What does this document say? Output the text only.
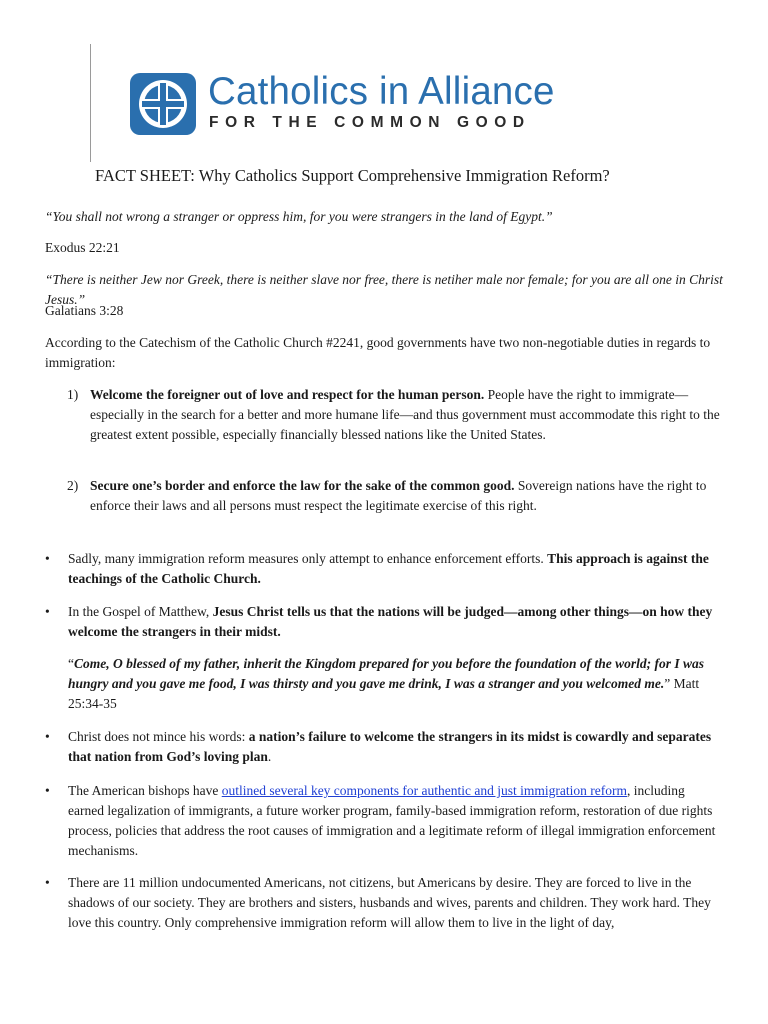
Catholics in Alliance
FOR THE COMMON GOOD
FACT SHEET: Why Catholics Support Comprehensive Immigration Reform?
“You shall not wrong a stranger or oppress him, for you were strangers in the land of Egypt.”
Exodus 22:21
“There is neither Jew nor Greek, there is neither slave nor free, there is netiher male nor female; for you are all one in Christ Jesus.”
Galatians 3:28
According to the Catechism of the Catholic Church #2241, good governments have two non-negotiable duties in regards to immigration:
1) Welcome the foreigner out of love and respect for the human person. People have the right to immigrate—especially in the search for a better and more humane life—and thus government must accommodate this right to the greatest extent possible, especially financially blessed nations like the United States.
2) Secure one’s border and enforce the law for the sake of the common good. Sovereign nations have the right to enforce their laws and all persons must respect the legitimate exercise of this right.
• Sadly, many immigration reform measures only attempt to enhance enforcement efforts. This approach is against the teachings of the Catholic Church.
• In the Gospel of Matthew, Jesus Christ tells us that the nations will be judged—among other things—on how they welcome the strangers in their midst.
“Come, O blessed of my father, inherit the Kingdom prepared for you before the foundation of the world; for I was hungry and you gave me food, I was thirsty and you gave me drink, I was a stranger and you welcomed me.” Matt 25:34-35
• Christ does not mince his words: a nation’s failure to welcome the strangers in its midst is cowardly and separates that nation from God’s loving plan.
• The American bishops have outlined several key components for authentic and just immigration reform, including earned legalization of immigrants, a future worker program, family-based immigration reform, restoration of due rights process, policies that address the root causes of immigration and a legitimate reform of illegal immigration enforcement mechanisms.
• There are 11 million undocumented Americans, not citizens, but Americans by desire. They are forced to live in the shadows of our society. They are brothers and sisters, husbands and wives, parents and children. They work hard. They love this country. Only comprehensive immigration reform will allow them to live in the light of day,
